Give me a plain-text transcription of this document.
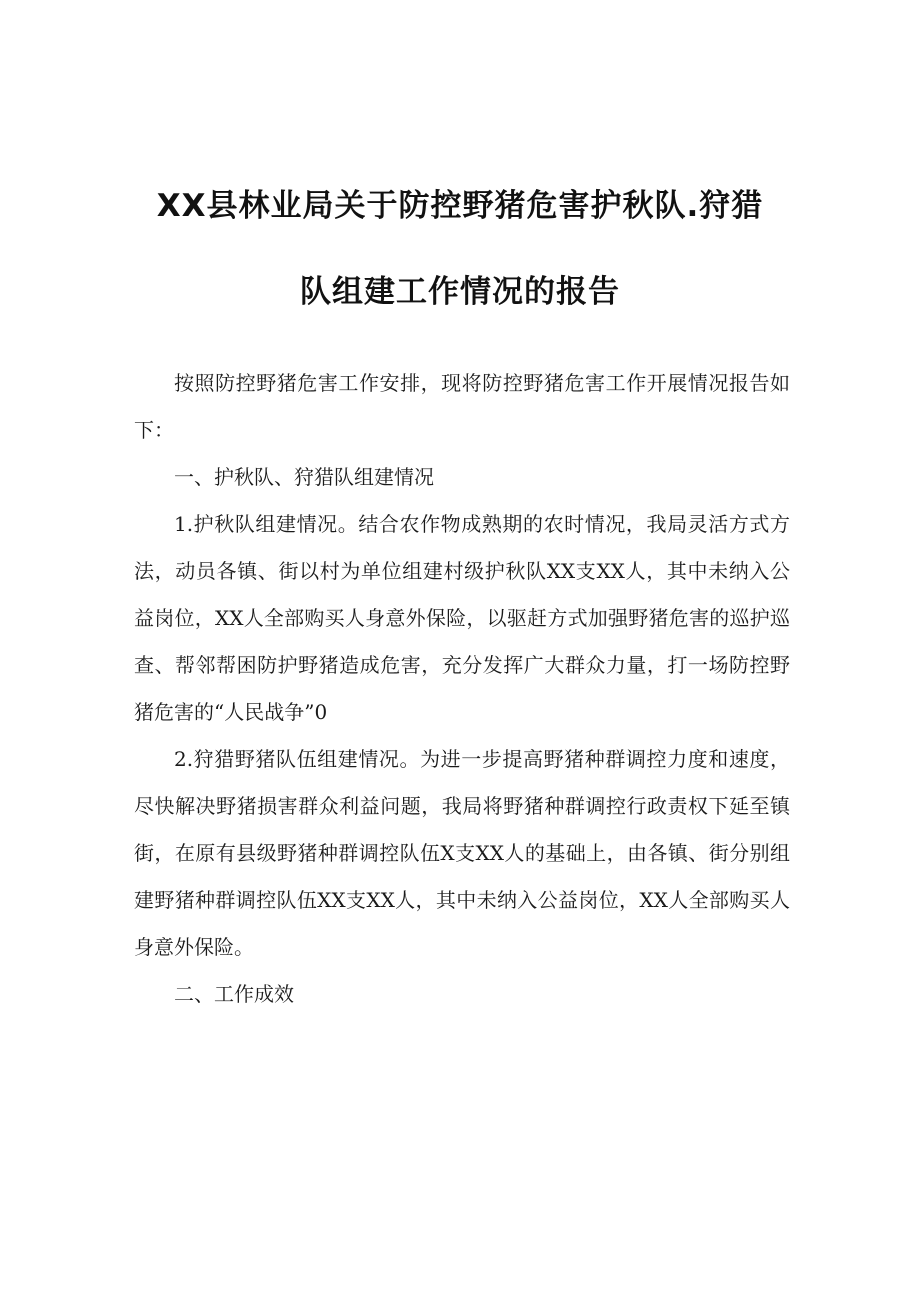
XX县林业局关于防控野猪危害护秋队.狩猎
队组建工作情况的报告

按照防控野猪危害工作安排，现将防控野猪危害工作开展情况报告如下：

一、护秋队、狩猎队组建情况

1.护秋队组建情况。结合农作物成熟期的农时情况，我局灵活方式方法，动员各镇、街以村为单位组建村级护秋队XX支XX人，其中未纳入公益岗位，XX人全部购买人身意外保险，以驱赶方式加强野猪危害的巡护巡查、帮邻帮困防护野猪造成危害，充分发挥广大群众力量，打一场防控野猪危害的“人民战争”0

2.狩猎野猪队伍组建情况。为进一步提高野猪种群调控力度和速度，尽快解决野猪损害群众利益问题，我局将野猪种群调控行政责权下延至镇街，在原有县级野猪种群调控队伍X支XX人的基础上，由各镇、街分别组建野猪种群调控队伍XX支XX人，其中未纳入公益岗位，XX人全部购买人身意外保险。

二、工作成效
